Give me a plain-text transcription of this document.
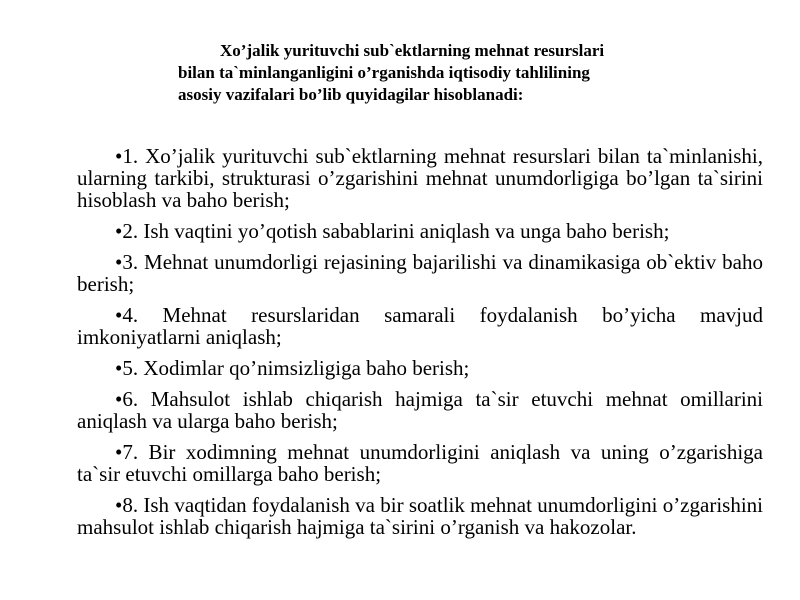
Xo’jalik yurituvchi sub`ektlarning mehnat resurslari
bilan ta`minlanganligini o’rganishda iqtisodiy tahlilining
asosiy vazifalari bo’lib quyidagilar hisoblanadi:
•1. Xo’jalik yurituvchi sub`ektlarning mehnat resurslari bilan ta`minlanishi, ularning tarkibi, strukturasi o’zgarishini mehnat unumdorligiga bo’lgan ta`sirini hisoblash va baho berish;
•2. Ish vaqtini yo’qotish sabablarini aniqlash va unga baho berish;
•3. Mehnat unumdorligi rejasining bajarilishi va dinamikasiga ob`ektiv baho berish;
•4. Mehnat resurslaridan samarali foydalanish bo’yicha mavjud imkoniyatlarni aniqlash;
•5. Xodimlar qo’nimsizligiga baho berish;
•6. Mahsulot ishlab chiqarish hajmiga ta`sir etuvchi mehnat omillarini aniqlash va ularga baho berish;
•7. Bir xodimning mehnat unumdorligini aniqlash va uning o’zgarishiga ta`sir etuvchi omillarga baho berish;
•8. Ish vaqtidan foydalanish va bir soatlik mehnat unumdorligini o’zgarishini mahsulot ishlab chiqarish hajmiga ta`sirini o’rganish va hakozolar.
